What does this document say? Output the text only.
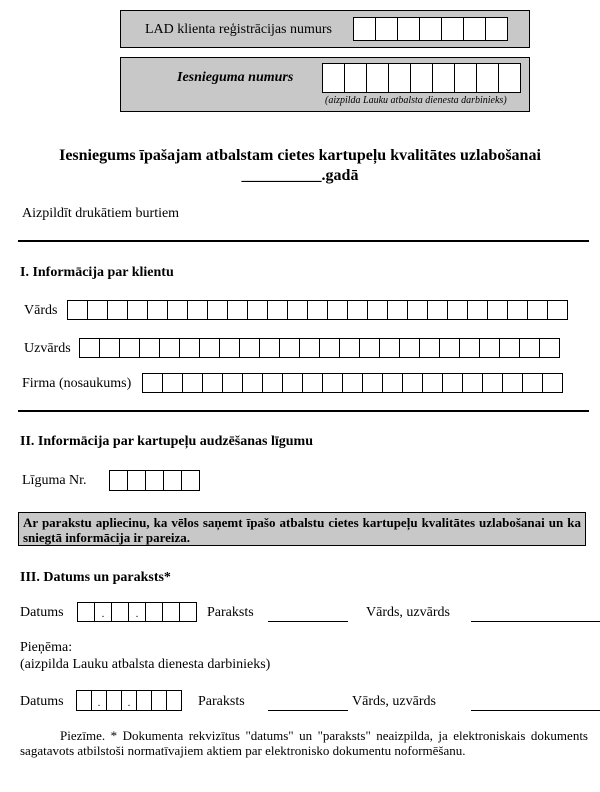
LAD klienta reģistrācijas numurs
Iesnieguma numurs
(aizpilda Lauku atbalsta dienesta darbinieks)
Iesniegums īpašajam atbalstam cietes kartupeļu kvalitātes uzlabošanai
__________.gadā
Aizpildīt drukātiem burtiem
I. Informācija par klientu
Vārds
Uzvārds
Firma (nosaukums)
II. Informācija par kartupeļu audzēšanas līgumu
Līguma Nr.
Ar parakstu apliecinu, ka vēlos saņemt īpašo atbalstu cietes kartupeļu kvalitātes uzlabošanai un ka sniegtā informācija ir pareiza.
III. Datums un paraksts*
Datums	.	.	Paraksts	Vārds, uzvārds
Pieņēma:
(aizpilda Lauku atbalsta dienesta darbinieks)
Datums	.	.	Paraksts	Vārds, uzvārds
Piezīme. * Dokumenta rekvizītus "datums" un "paraksts" neaizpilda, ja elektroniskais dokuments sagatavots atbilstoši normatīvajiem aktiem par elektronisko dokumentu noformēšanu.
